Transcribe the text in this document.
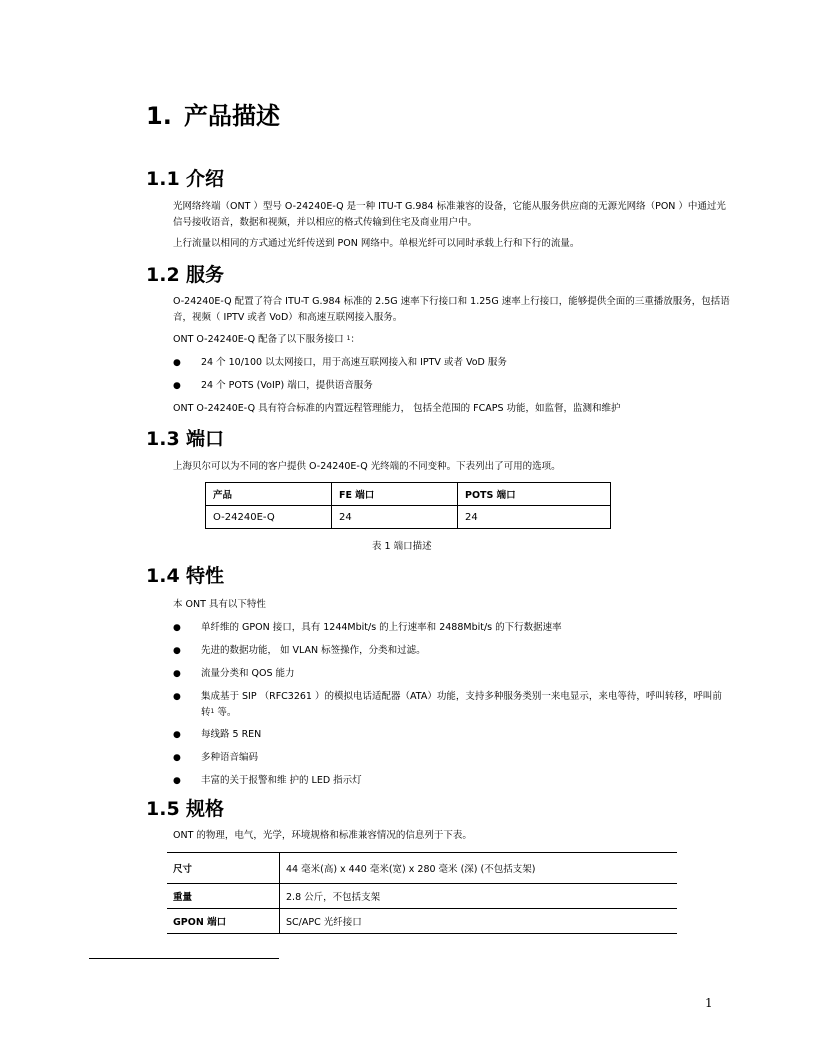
1. 产品描述
1.1 介绍
光网络终端（ONT ）型号 O-24240E-Q 是一种 ITU-T G.984 标准兼容的设备，它能从服务供应商的无源光网络（PON ）中通过光信号接收语音，数据和视频，并以相应的格式传输到住宅及商业用户中。
上行流量以相同的方式通过光纤传送到 PON 网络中。单根光纤可以同时承载上行和下行的流量。
1.2 服务
O-24240E-Q 配置了符合 ITU-T G.984 标准的 2.5G 速率下行接口和 1.25G 速率上行接口，能够提供全面的三重播放服务，包括语音，视频（ IPTV 或者 VoD）和高速互联网接入服务。
ONT O-24240E-Q 配备了以下服务接口 $^1$：
● 24 个 10/100 以太网接口，用于高速互联网接入和 IPTV 或者 VoD 服务
● 24 个 POTS (VoIP) 端口，提供语音服务
ONT O-24240E-Q 具有符合标准的内置远程管理能力， 包括全范围的 FCAPS 功能，如监督，监测和维护
1.3 端口
上海贝尔可以为不同的客户提供 O-24240E-Q 光终端的不同变种。下表列出了可用的选项。
产品	FE 端口	POTS 端口
O-24240E-Q	24	24
表 1 端口描述
1.4 特性
本 ONT 具有以下特性
● 单纤维的 GPON 接口，具有 1244Mbit/s 的上行速率和 2488Mbit/s 的下行数据速率
● 先进的数据功能， 如 VLAN 标签操作，分类和过滤。
● 流量分类和 QOS 能力
● 集成基于 SIP （RFC3261 ）的模拟电话适配器（ATA）功能，支持多种服务类别一来电显示，来电等待，呼叫转移，呼叫前转$^1$ 等。
● 每线路 5 REN
● 多种语音编码
● 丰富的关于报警和维 护的 LED 指示灯
1.5 规格
ONT 的物理，电气，光学，环境规格和标准兼容情况的信息列于下表。
尺寸	44 毫米(高) x 440 毫米(宽) x 280 毫米 (深) (不包括支架)
重量	2.8 公斤，不包括支架
GPON 端口	SC/APC 光纤接口
1
